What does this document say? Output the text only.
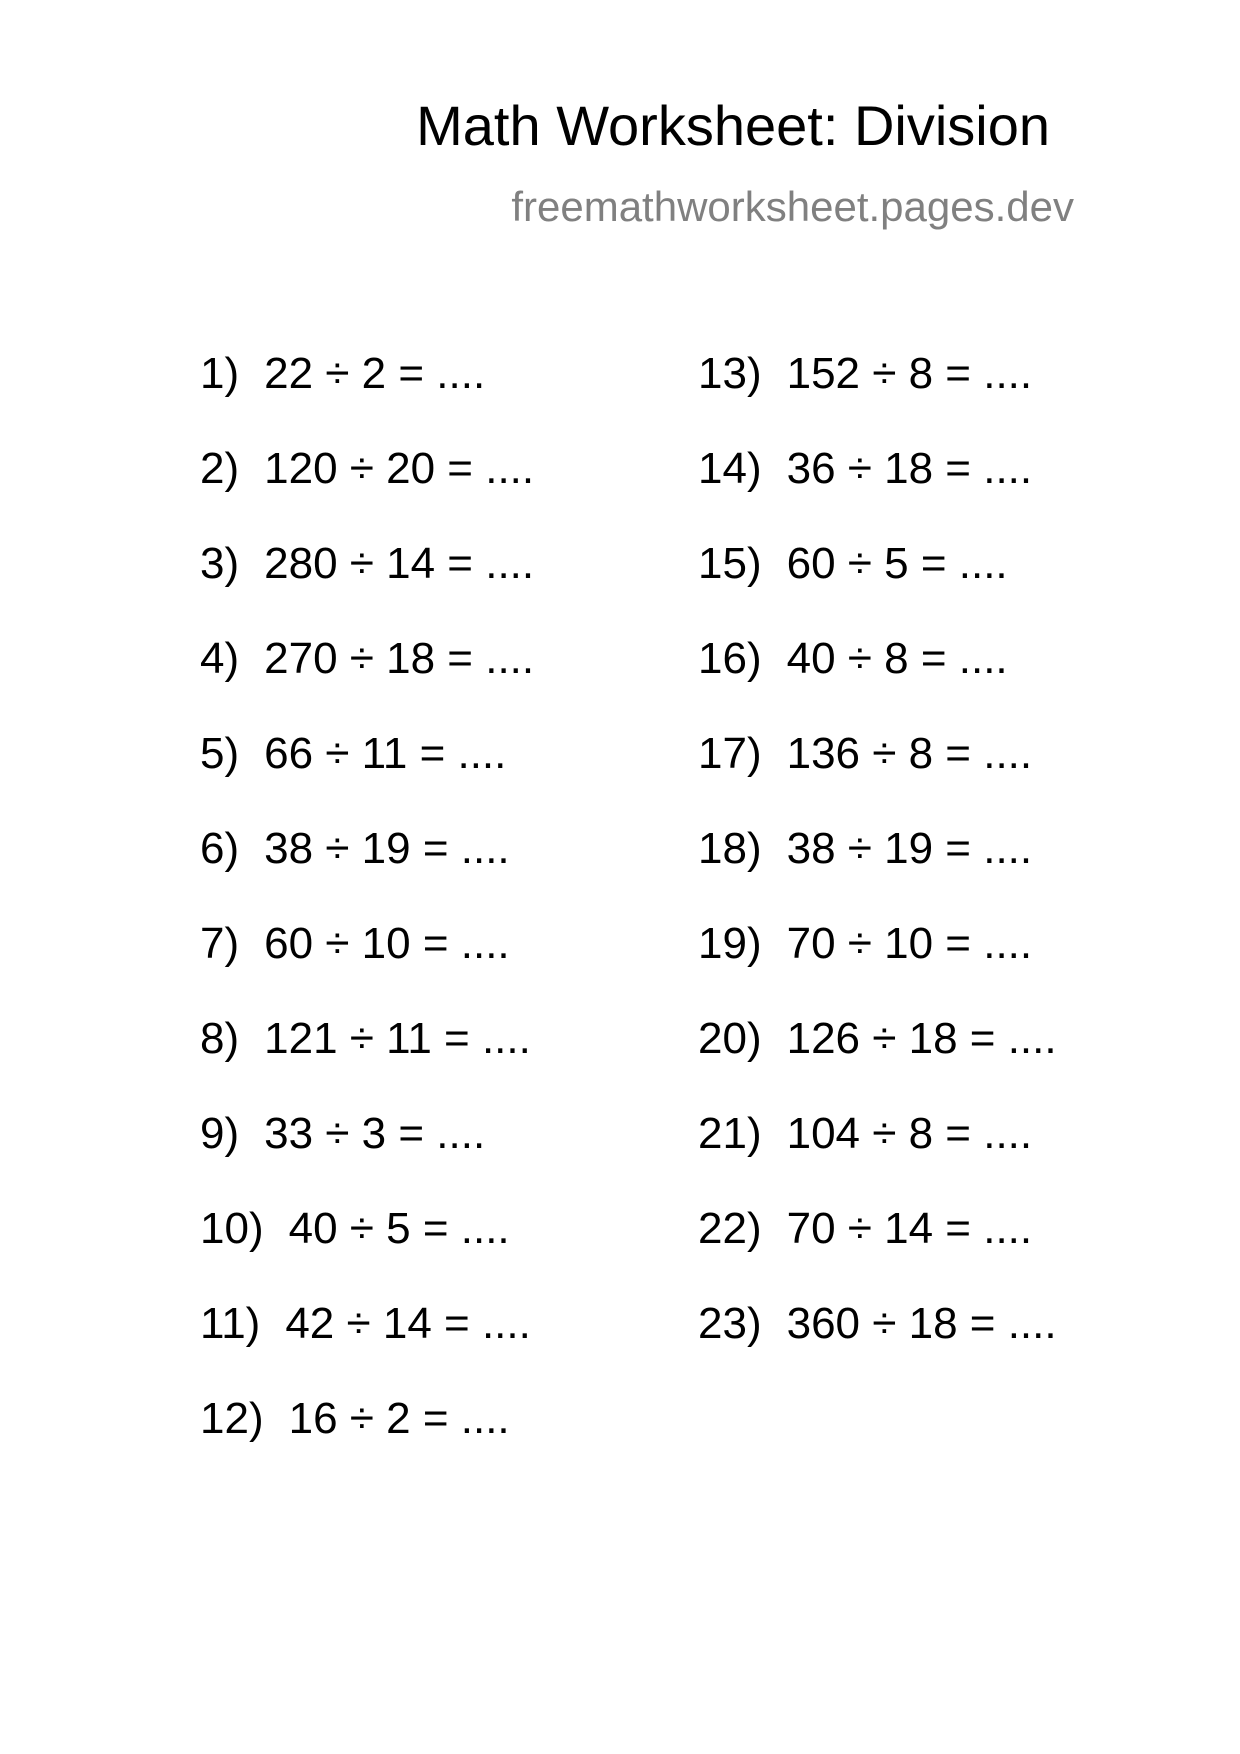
Math Worksheet: Division
freemathworksheet.pages.dev
1) 22 ÷ 2 = ....
2) 120 ÷ 20 = ....
3) 280 ÷ 14 = ....
4) 270 ÷ 18 = ....
5) 66 ÷ 11 = ....
6) 38 ÷ 19 = ....
7) 60 ÷ 10 = ....
8) 121 ÷ 11 = ....
9) 33 ÷ 3 = ....
10) 40 ÷ 5 = ....
11) 42 ÷ 14 = ....
12) 16 ÷ 2 = ....
13) 152 ÷ 8 = ....
14) 36 ÷ 18 = ....
15) 60 ÷ 5 = ....
16) 40 ÷ 8 = ....
17) 136 ÷ 8 = ....
18) 38 ÷ 19 = ....
19) 70 ÷ 10 = ....
20) 126 ÷ 18 = ....
21) 104 ÷ 8 = ....
22) 70 ÷ 14 = ....
23) 360 ÷ 18 = ....
